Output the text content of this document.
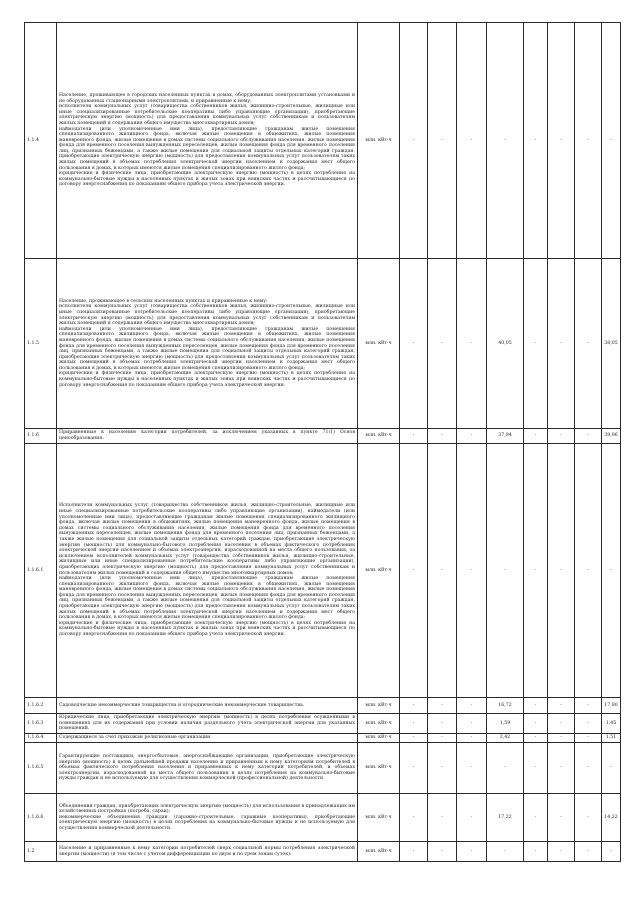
1.1.4	Население, проживающее в городских населенных пунктах в домах, оборудованных электроплитами установками и не оборудованных стационарными электроплитами, и приравненные к нему:
исполнители коммунальных услуг (товарищества собственников жилья, жилищно-строительные, жилищные или иные специализированные потребительские кооперативы либо управляющие организации), приобретающие электрическую энергию (мощность) для предоставления коммунальных услуг собственникам и пользователям жилых помещений и содержания общего имущества многоквартирных домов;
наймодатели (или уполномоченные ими лица), предоставляющие гражданам жилые помещения специализированного жилищного фонда, включая жилые помещения в общежитиях, жилые помещения маневренного фонда, жилые помещения в домах системы социального обслуживания населения, жилые помещения фонда для временного поселения вынужденных переселенцев, жилые помещения фонда для временного поселения лиц, признанных беженцами, а также жилые помещения для социальной защиты отдельных категорий граждан, приобретающие электрическую энергию (мощность) для предоставления коммунальных услуг пользователям таких жилых помещений в объемах потребления электрической энергии населением и содержания мест общего пользования в домах, в которых имеются жилые помещения специализированного жилого фонда;
юридические и физические лица, приобретающие электрическую энергию (мощность) в целях потребления на коммунально-бытовые нужды в населенных пунктах и жилых зонах при воинских частях и рассчитывающиеся по договору энергоснабжения по показаниям общего прибора учета электрической энергии.	млн. кВт·ч	-	-	-	-	-	-	-	-
1.1.5	Население, проживающее в сельских населенных пунктах и приравненные к нему:
исполнители коммунальных услуг (товарищества собственников жилья, жилищно-строительные, жилищные или иные специализированные потребительские кооперативы либо управляющие организации), приобретающие электрическую энергию (мощность) для предоставления коммунальных услуг собственникам и пользователям жилых помещений и содержания общего имущества многоквартирных домов;
наймодатели (или уполномоченные ими лица), предоставляющие гражданам жилые помещения специализированного жилищного фонда, включая жилые помещения в общежитиях, жилые помещения маневренного фонда, жилые помещения в домах системы социального обслуживания населения, жилые помещения фонда для временного поселения вынужденных переселенцев, жилые помещения фонда для временного поселения лиц, признанных беженцами, а также жилые помещения для социальной защиты отдельных категорий граждан, приобретающие электрическую энергию (мощность) для предоставления коммунальных услуг пользователям таких жилых помещений в объемах потребления электрической энергии населением и содержания мест общего пользования в домах, в которых имеются жилые помещения специализированного жилого фонда;
юридические и физические лица, приобретающие электрическую энергию (мощность) в целях потребления на коммунально-бытовые нужды в населенных пунктах и жилых зонах при воинских частях и рассчитывающиеся по договору энергоснабжения по показаниям общего прибора учета электрической энергии.	млн. кВт·ч	-	-	-	40,05	-	-	-	38,05
1.1.6	Приравненные к населению категории потребителей, за исключением указанных в пункте 71(1) Основ ценообразования:	млн. кВт·ч	-	-	-	37,94	-	-	-	39,96
1.1.6.1	Исполнители коммунальных услуг (товарищества собственников жилья, жилищно-строительные, жилищные или иные специализированные потребительские кооперативы либо управляющие организации), наймодатели (или уполномоченные ими лица), предоставляющие гражданам жилые помещения специализированного жилищного фонда, включая жилые помещения в общежитиях, жилые помещения маневренного фонда, жилые помещения в домах системы социального обслуживания населения, жилые помещения фонда для временного поселения вынужденных переселенцев, жилые помещения фонда для временного поселения лиц, признанных беженцами, а также жилые помещения для социальной защиты отдельных категорий граждан, приобретающие электрическую энергию (мощность) для коммунально-бытового потребления населения в объемах фактического потребления электрической энергии населением и объемах электроэнергии, израсходованной на места общего пользования, за исключением исполнителей коммунальных услуг (товарищества собственников жилья, жилищно-строительные, жилищные или иные специализированные потребительские кооперативы либо управляющие организации), приобретающих электрическую энергию (мощность) для предоставления коммунальных услуг собственникам и пользователям жилых помещений и содержания общего имущества многоквартирных домов;
наймодатели (или уполномоченные ими лица), предоставляющие гражданам жилые помещения специализированного жилищного фонда, включая жилые помещения в общежитиях, жилые помещения маневренного фонда, жилые помещения в домах системы социального обслуживания населения, жилые помещения фонда для временного поселения вынужденных переселенцев, жилые помещения фонда для временного поселения лиц, признанных беженцами, а также жилые помещения для социальной защиты отдельных категорий граждан, приобретающие электрическую энергию (мощность) для предоставления коммунальных услуг пользователям таких жилых помещений в объемах потребления электрической энергии населением и содержания мест общего пользования в домах, в которых имеются жилые помещения специализированного жилого фонда;
юридические и физические лица, приобретающие электрическую энергию (мощность) в целях потребления на коммунально-бытовые нужды в населенных пунктах и жилых зонах при воинских частях и рассчитывающиеся по договору энергоснабжения по показаниям общего прибора учета электрической энергии.	млн. кВт·ч	-	-	-	-	-	-	-	-
1.1.6.2	Садоводческие некоммерческие товарищества и огороднические некоммерческие товарищества.	млн. кВт·ч	-	-	-	16,72	-	-	-	17,80
1.1.6.3	Юридические лица, приобретающие электрическую энергию (мощность) в целях потребления осужденными в помещениях для их содержания при условии наличия раздельного учета электрической энергии для указанных помещений.	млн. кВт·ч	-	-	-	1,59	-	-	-	1,45
1.1.6.4	Содержащиеся за счет прихожан религиозные организации.	млн. кВт·ч	-	-	-	2,42	-	-	-	1,51
1.1.6.5	Гарантирующие поставщики, энергосбытовые, энергоснабжающие организации, приобретающие электрическую энергию (мощность) в целях дальнейшей продажи населению и приравненным к нему категориям потребителей в объемах фактического потребления населения и приравненных к нему категорий потребителей, и объемах электроэнергии, израсходованной на места общего пользования в целях потребления на коммунально-бытовые нужды граждан и не используемую для осуществления коммерческой (профессиональной) деятельности	млн. кВт·ч	-	-	-	-	-	-	-	-
1.1.6.6	Объединения граждан, приобретающих электрическую энергию (мощность) для использования в принадлежащих им хозяйственных постройках (погреба, сараи);
некоммерческие объединения граждан (гаражно-строительные, гаражные кооперативы), приобретающие электрическую энергию (мощность) в целях потребления на коммунально-бытовые нужды и не используемую для осуществления коммерческой деятельности.	млн. кВт·ч	-	-	-	17,22	-	-	-	14,22
1.2	Население и приравненные к нему категории потребителей сверх социальной нормы потребления электрической энергии (мощности) (в том числе с учетом дифференциации по двум и по трем зонам суток):	млн. кВт·ч	-	-	-	-	-	-	-	-
